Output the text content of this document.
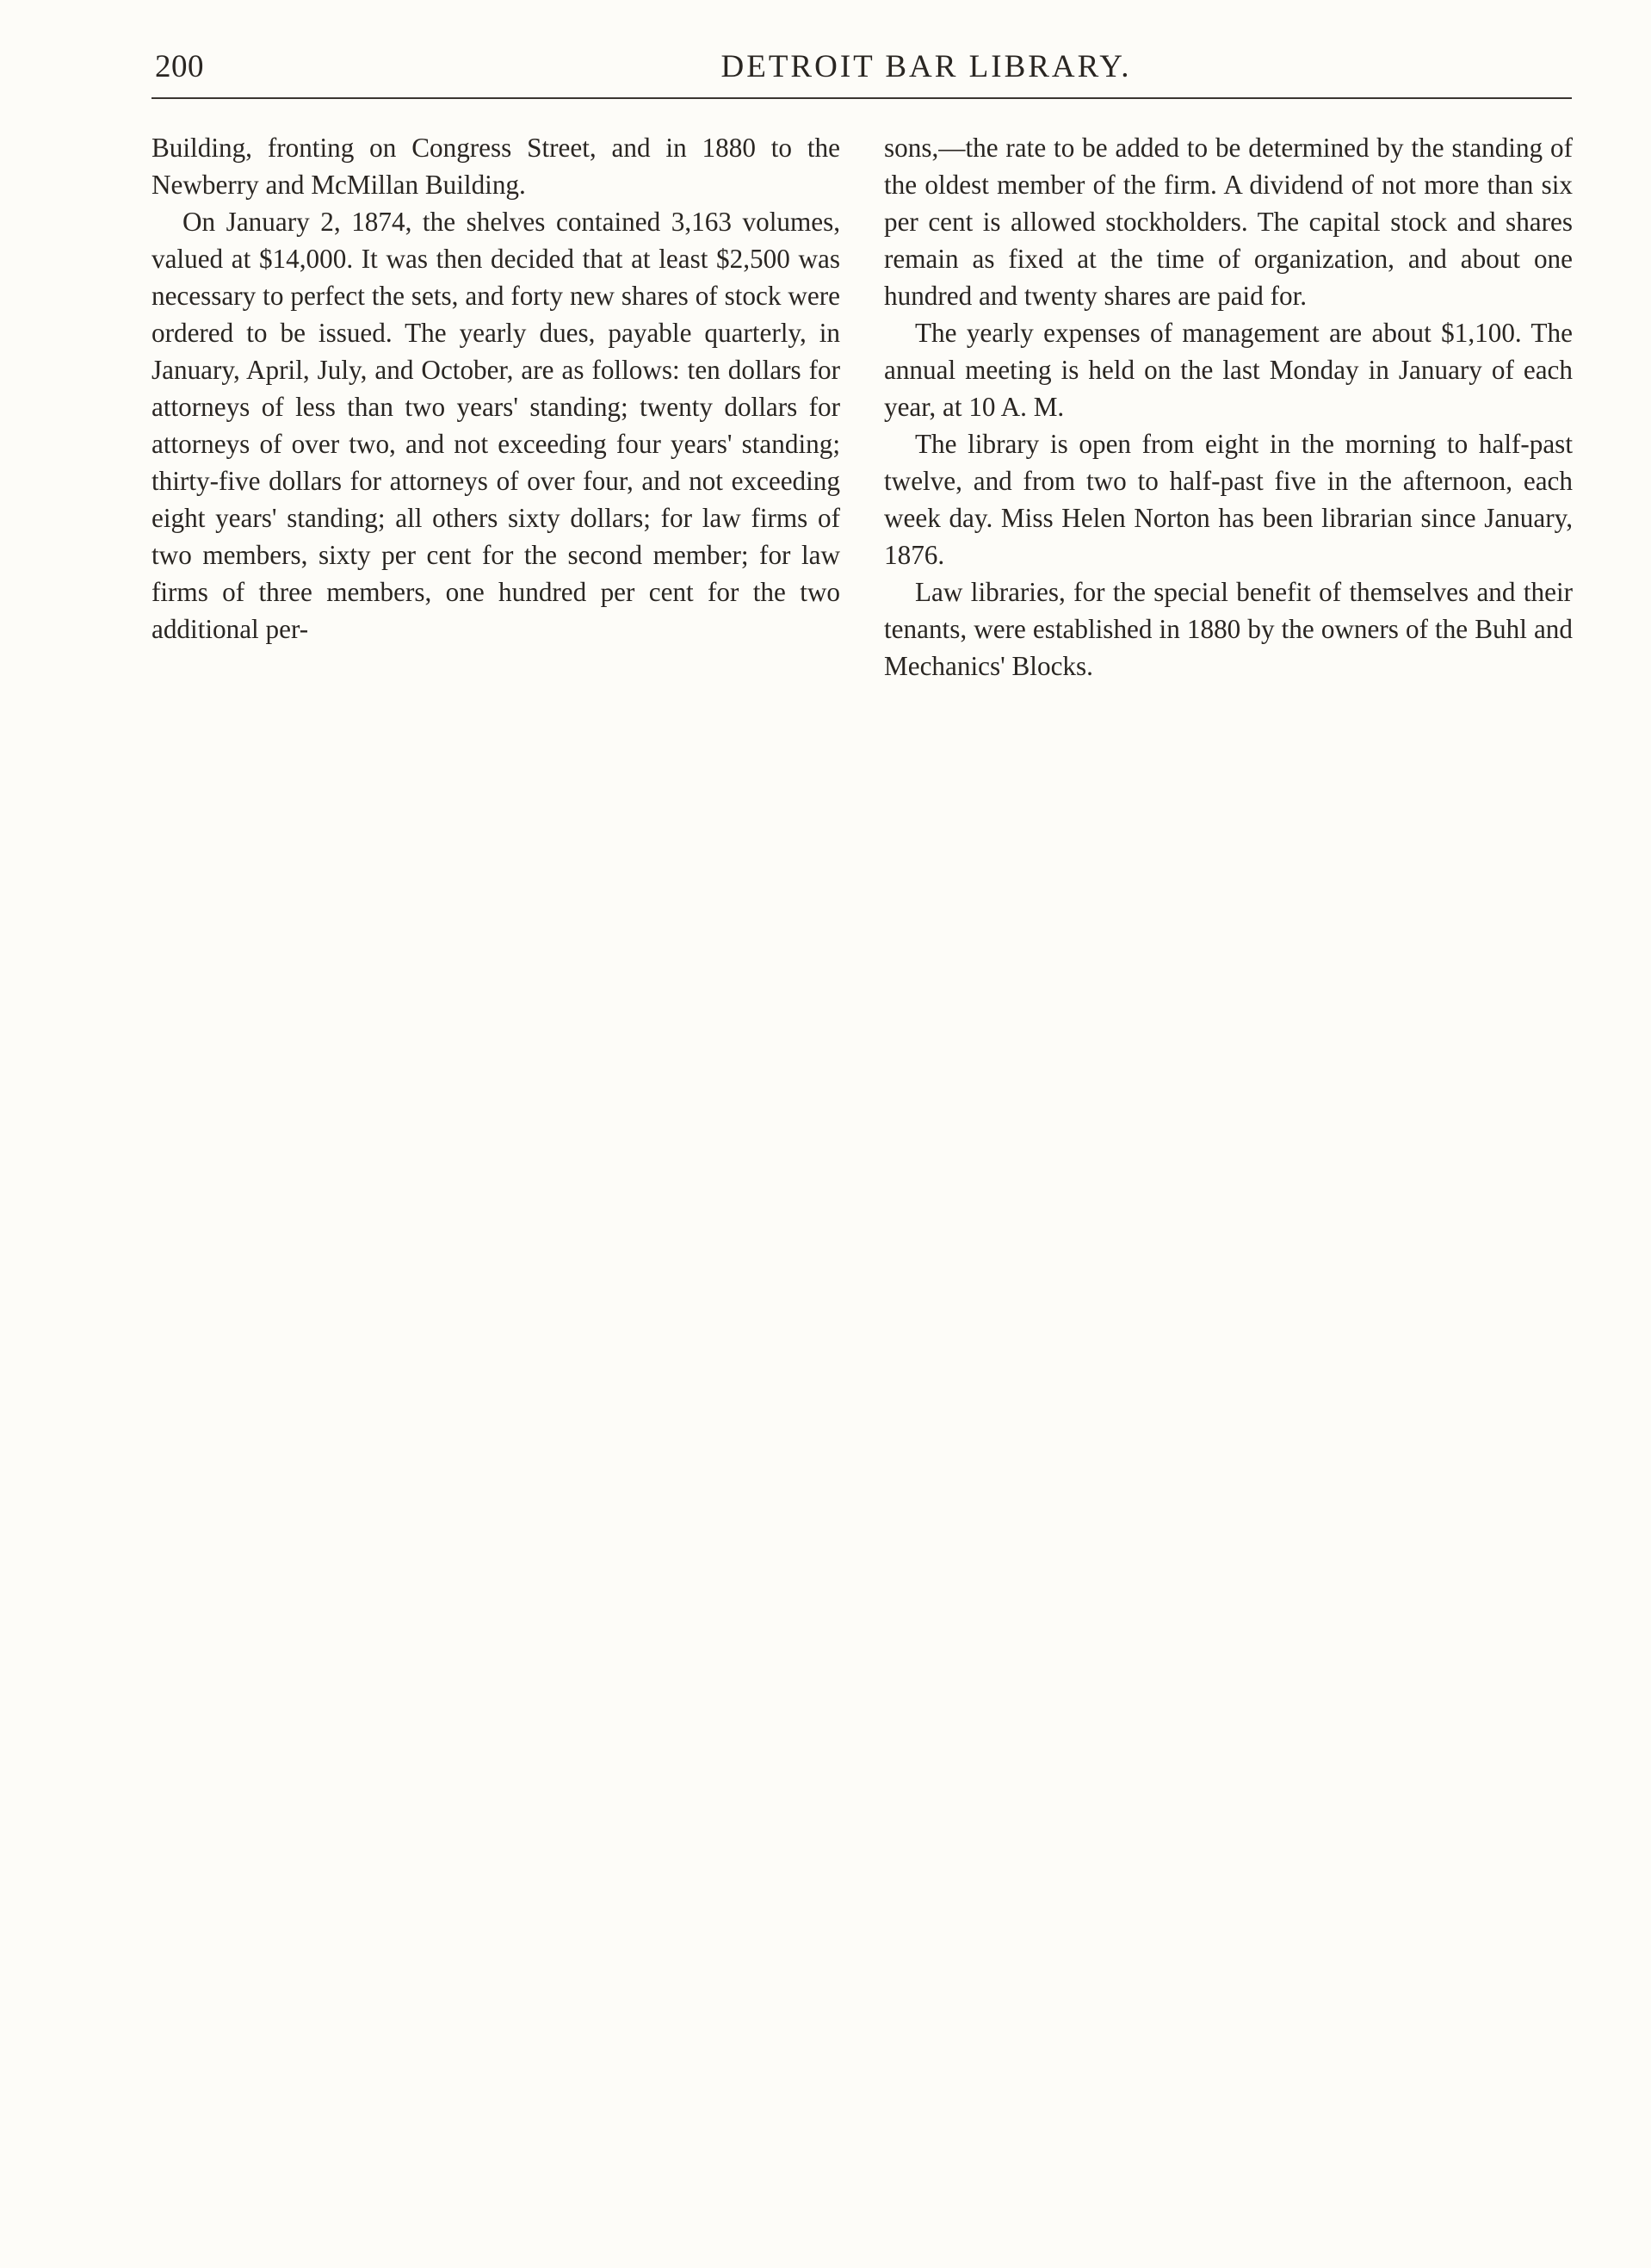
200	DETROIT BAR LIBRARY.

Building, fronting on Congress Street, and in 1880 to the Newberry and McMillan Building.

On January 2, 1874, the shelves contained 3,163 volumes, valued at $14,000. It was then decided that at least $2,500 was necessary to perfect the sets, and forty new shares of stock were ordered to be issued. The yearly dues, payable quarterly, in January, April, July, and October, are as follows: ten dollars for attorneys of less than two years' standing; twenty dollars for attorneys of over two, and not exceeding four years' standing; thirty-five dollars for attorneys of over four, and not exceeding eight years' standing; all others sixty dollars; for law firms of two members, sixty per cent for the second member; for law firms of three members, one hundred per cent for the two additional per-

sons,—the rate to be added to be determined by the standing of the oldest member of the firm. A dividend of not more than six per cent is allowed stockholders. The capital stock and shares remain as fixed at the time of organization, and about one hundred and twenty shares are paid for.

The yearly expenses of management are about $1,100. The annual meeting is held on the last Monday in January of each year, at 10 A. M.

The library is open from eight in the morning to half-past twelve, and from two to half-past five in the afternoon, each week day. Miss Helen Norton has been librarian since January, 1876.

Law libraries, for the special benefit of themselves and their tenants, were established in 1880 by the owners of the Buhl and Mechanics' Blocks.
